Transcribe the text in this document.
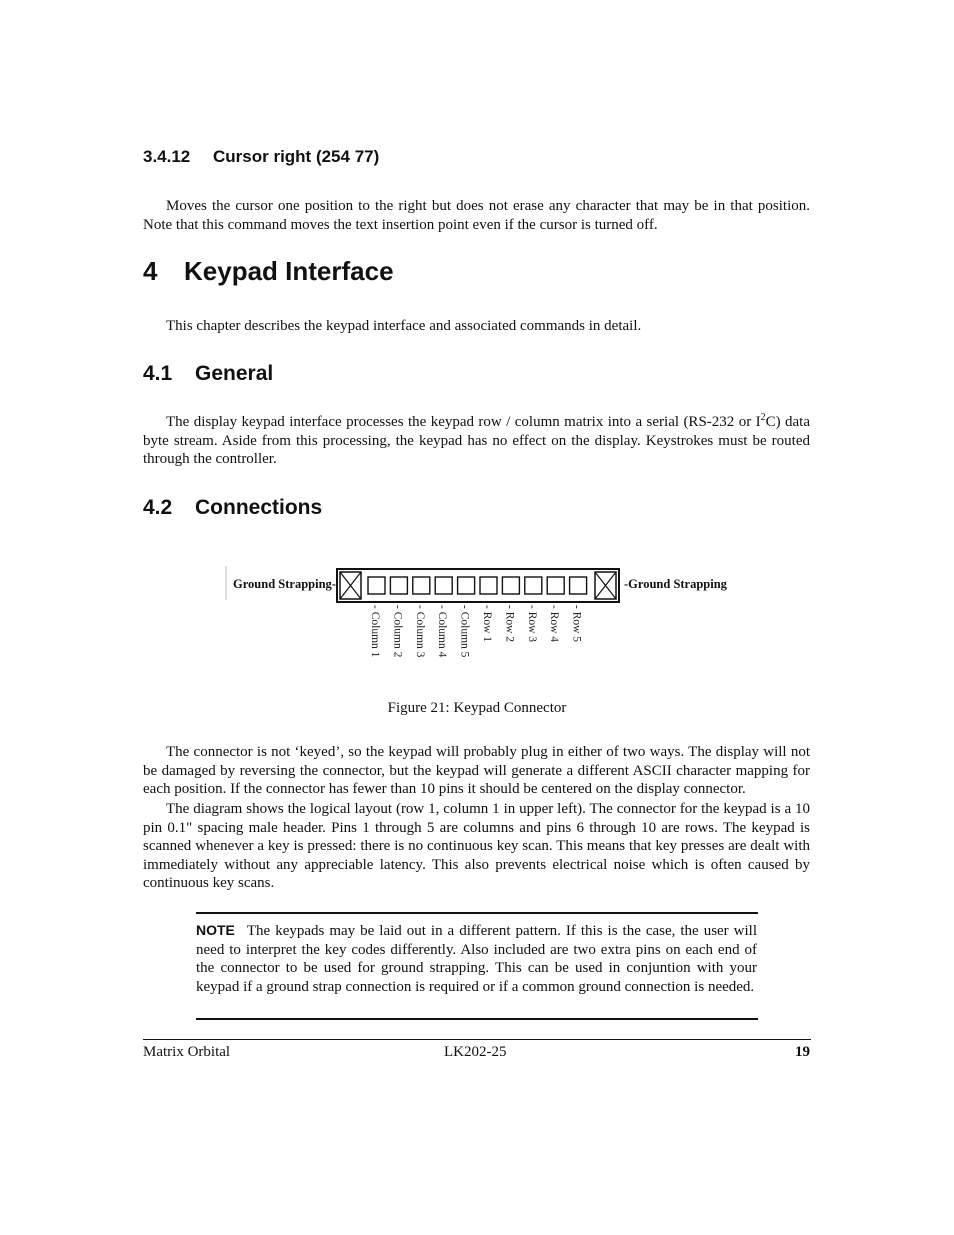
3.4.12 Cursor right (254 77)

Moves the cursor one position to the right but does not erase any character that may be in that position. Note that this command moves the text insertion point even if the cursor is turned off.

4 Keypad Interface

This chapter describes the keypad interface and associated commands in detail.

4.1 General

The display keypad interface processes the keypad row / column matrix into a serial (RS-232 or $I^2C$) data byte stream. Aside from this processing, the keypad has no effect on the display. Keystrokes must be routed through the controller.

4.2 Connections
Ground Strapping-	-Ground Strapping
- Column 1 - Column 2 - Column 3 - Column 4 - Column 5 - Row 1 - Row 2 - Row 3 - Row 4 - Row 5
Figure 21: Keypad Connector

The connector is not ‘keyed’, so the keypad will probably plug in either of two ways. The display will not be damaged by reversing the connector, but the keypad will generate a different ASCII character mapping for each position. If the connector has fewer than 10 pins it should be centered on the display connector.

The diagram shows the logical layout (row 1, column 1 in upper left). The connector for the keypad is a 10 pin 0.1" spacing male header. Pins 1 through 5 are columns and pins 6 through 10 are rows. The keypad is scanned whenever a key is pressed: there is no continuous key scan. This means that key presses are dealt with immediately without any appreciable latency. This also prevents electrical noise which is often caused by continuous key scans.

NOTE The keypads may be laid out in a different pattern. If this is the case, the user will need to interpret the key codes differently. Also included are two extra pins on each end of the connector to be used for ground strapping. This can be used in conjuntion with your keypad if a ground strap connection is required or if a common ground connection is needed.

Matrix Orbital	LK202-25	19
